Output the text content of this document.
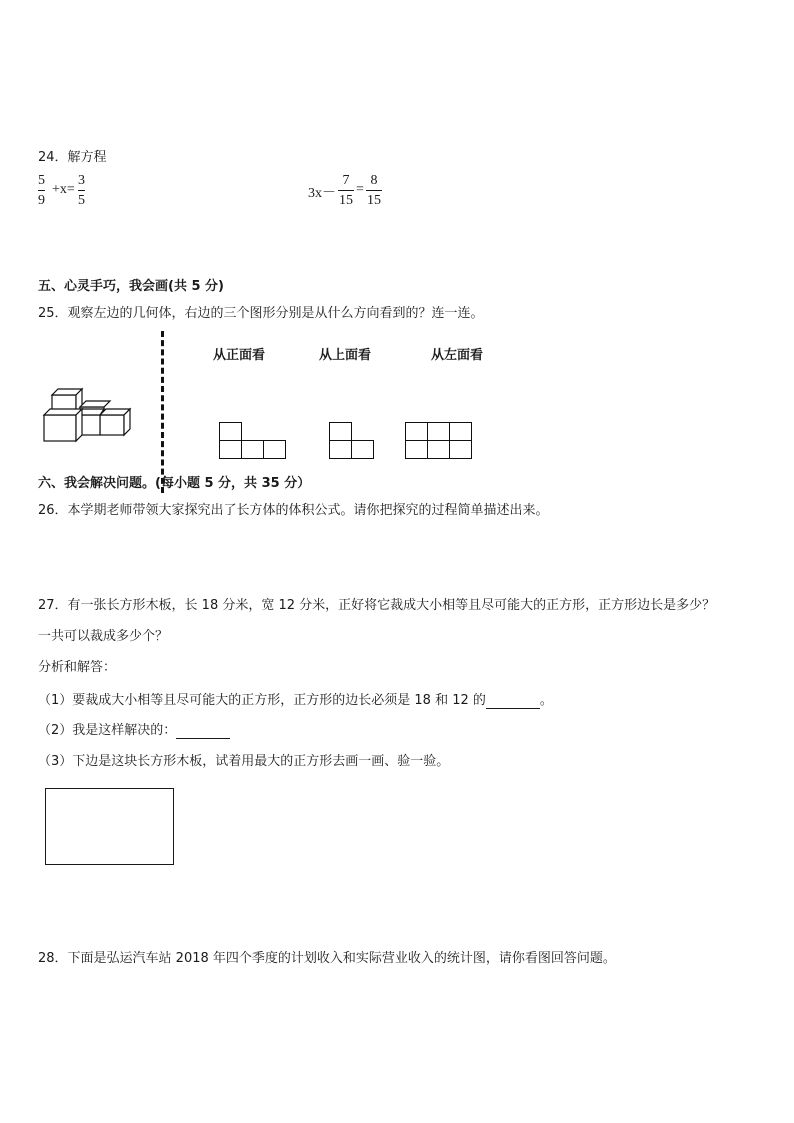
24．解方程
5
9
+x=
3
5	3x－
7
15
=
8
15
五、心灵手巧，我会画(共 5 分)
25．观察左边的几何体，右边的三个图形分别是从什么方向看到的？连一连。
从正面看	从上面看	从左面看
六、我会解决问题。(每小题 5 分，共 35 分）
26．本学期老师带领大家探究出了长方体的体积公式。请你把探究的过程简单描述出来。
27．有一张长方形木板，长 18 分米，宽 12 分米，正好将它裁成大小相等且尽可能大的正方形，正方形边长是多少？
一共可以裁成多少个？
分析和解答：
（1）要裁成大小相等且尽可能大的正方形，正方形的边长必须是 18 和 12 的	。
（2）我是这样解决的：
（3）下边是这块长方形木板，试着用最大的正方形去画一画、验一验。
28．下面是弘运汽车站 2018 年四个季度的计划收入和实际营业收入的统计图，请你看图回答问题。
